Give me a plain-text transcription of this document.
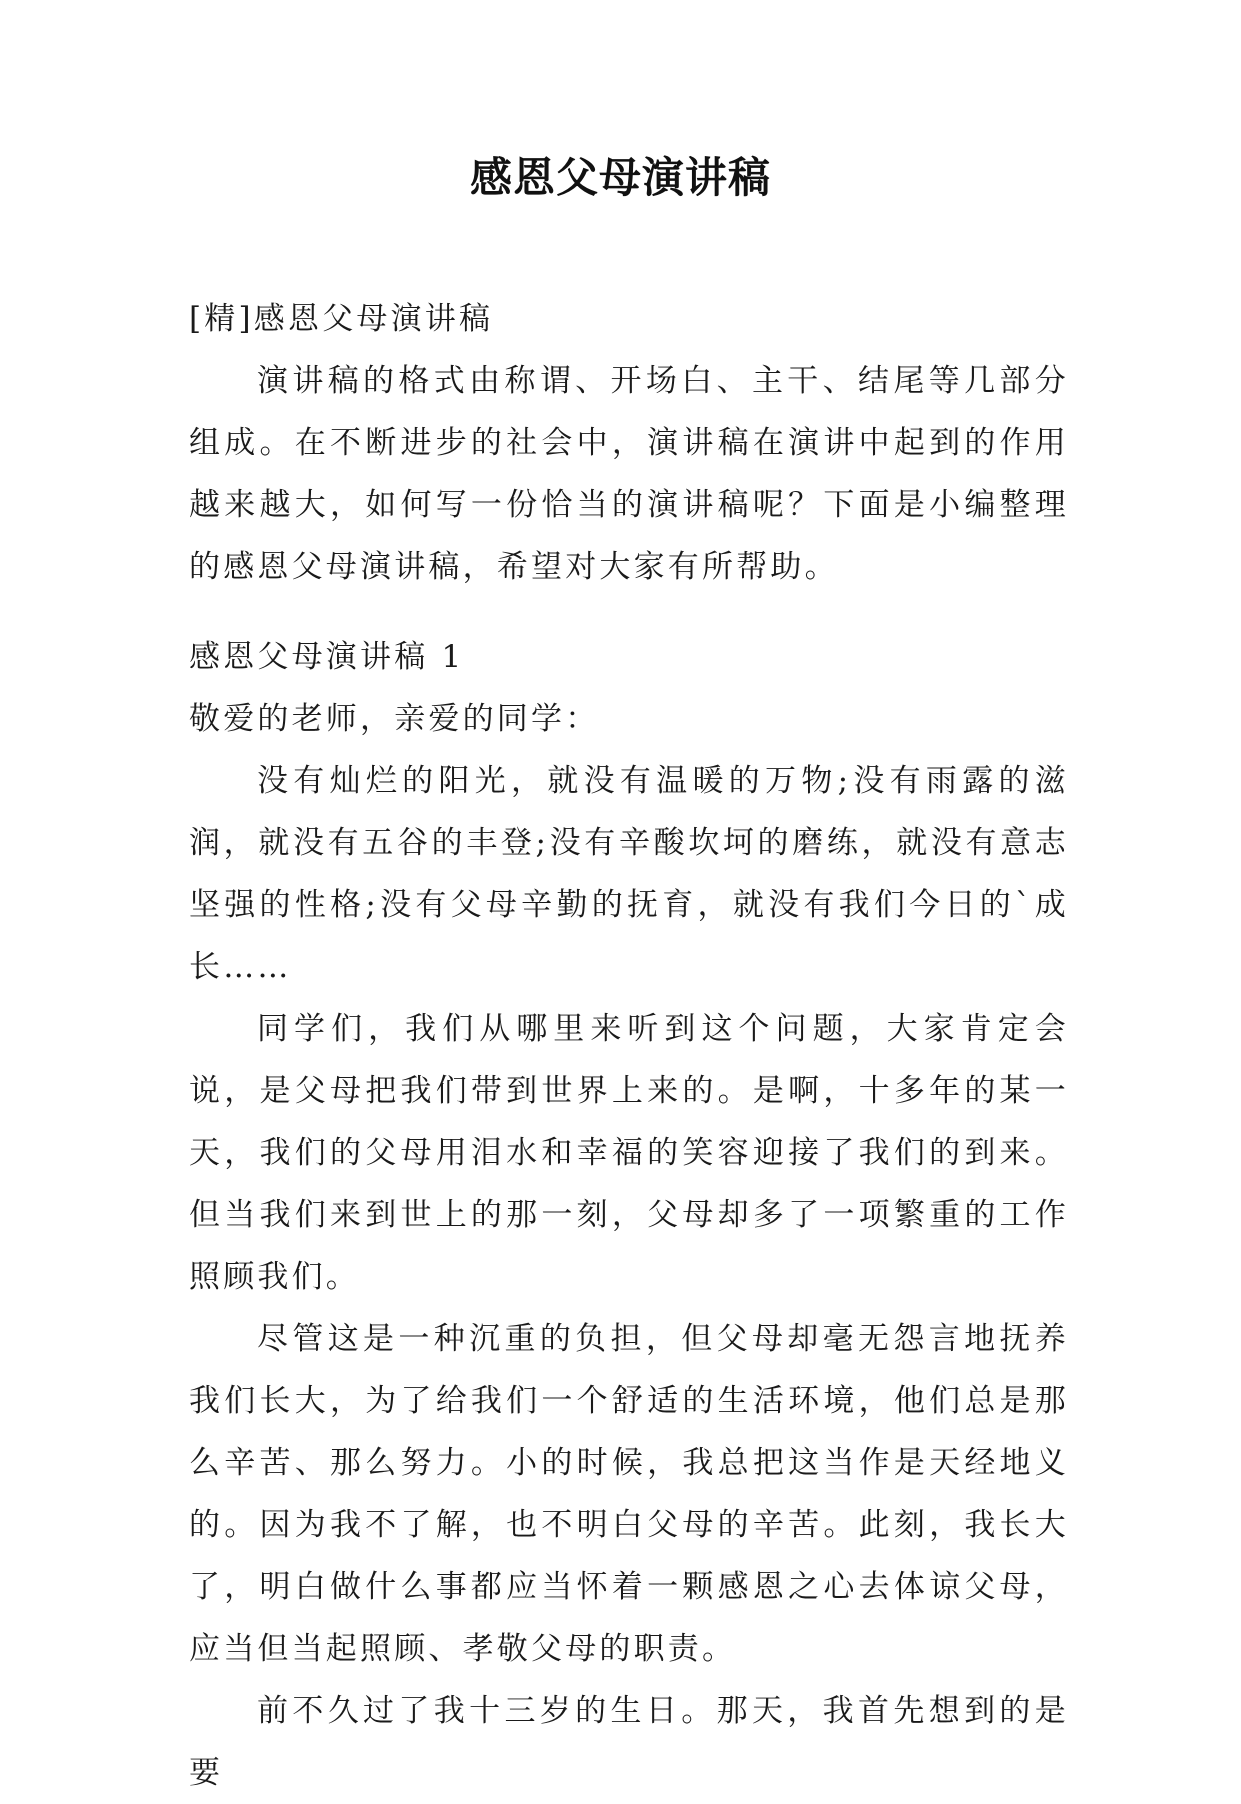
感恩父母演讲稿

[精]感恩父母演讲稿

演讲稿的格式由称谓、开场白、主干、结尾等几部分组成。在不断进步的社会中，演讲稿在演讲中起到的作用越来越大，如何写一份恰当的演讲稿呢？下面是小编整理的感恩父母演讲稿，希望对大家有所帮助。

感恩父母演讲稿 1

敬爱的老师，亲爱的同学：

没有灿烂的阳光，就没有温暖的万物;没有雨露的滋润，就没有五谷的丰登;没有辛酸坎坷的磨练，就没有意志坚强的性格;没有父母辛勤的抚育，就没有我们今日的`成长……

同学们，我们从哪里来听到这个问题，大家肯定会说，是父母把我们带到世界上来的。是啊，十多年的某一天，我们的父母用泪水和幸福的笑容迎接了我们的到来。但当我们来到世上的那一刻，父母却多了一项繁重的工作照顾我们。

尽管这是一种沉重的负担，但父母却毫无怨言地抚养我们长大，为了给我们一个舒适的生活环境，他们总是那么辛苦、那么努力。小的时候，我总把这当作是天经地义的。因为我不了解，也不明白父母的辛苦。此刻，我长大了，明白做什么事都应当怀着一颗感恩之心去体谅父母，应当但当起照顾、孝敬父母的职责。

前不久过了我十三岁的生日。那天，我首先想到的是要
